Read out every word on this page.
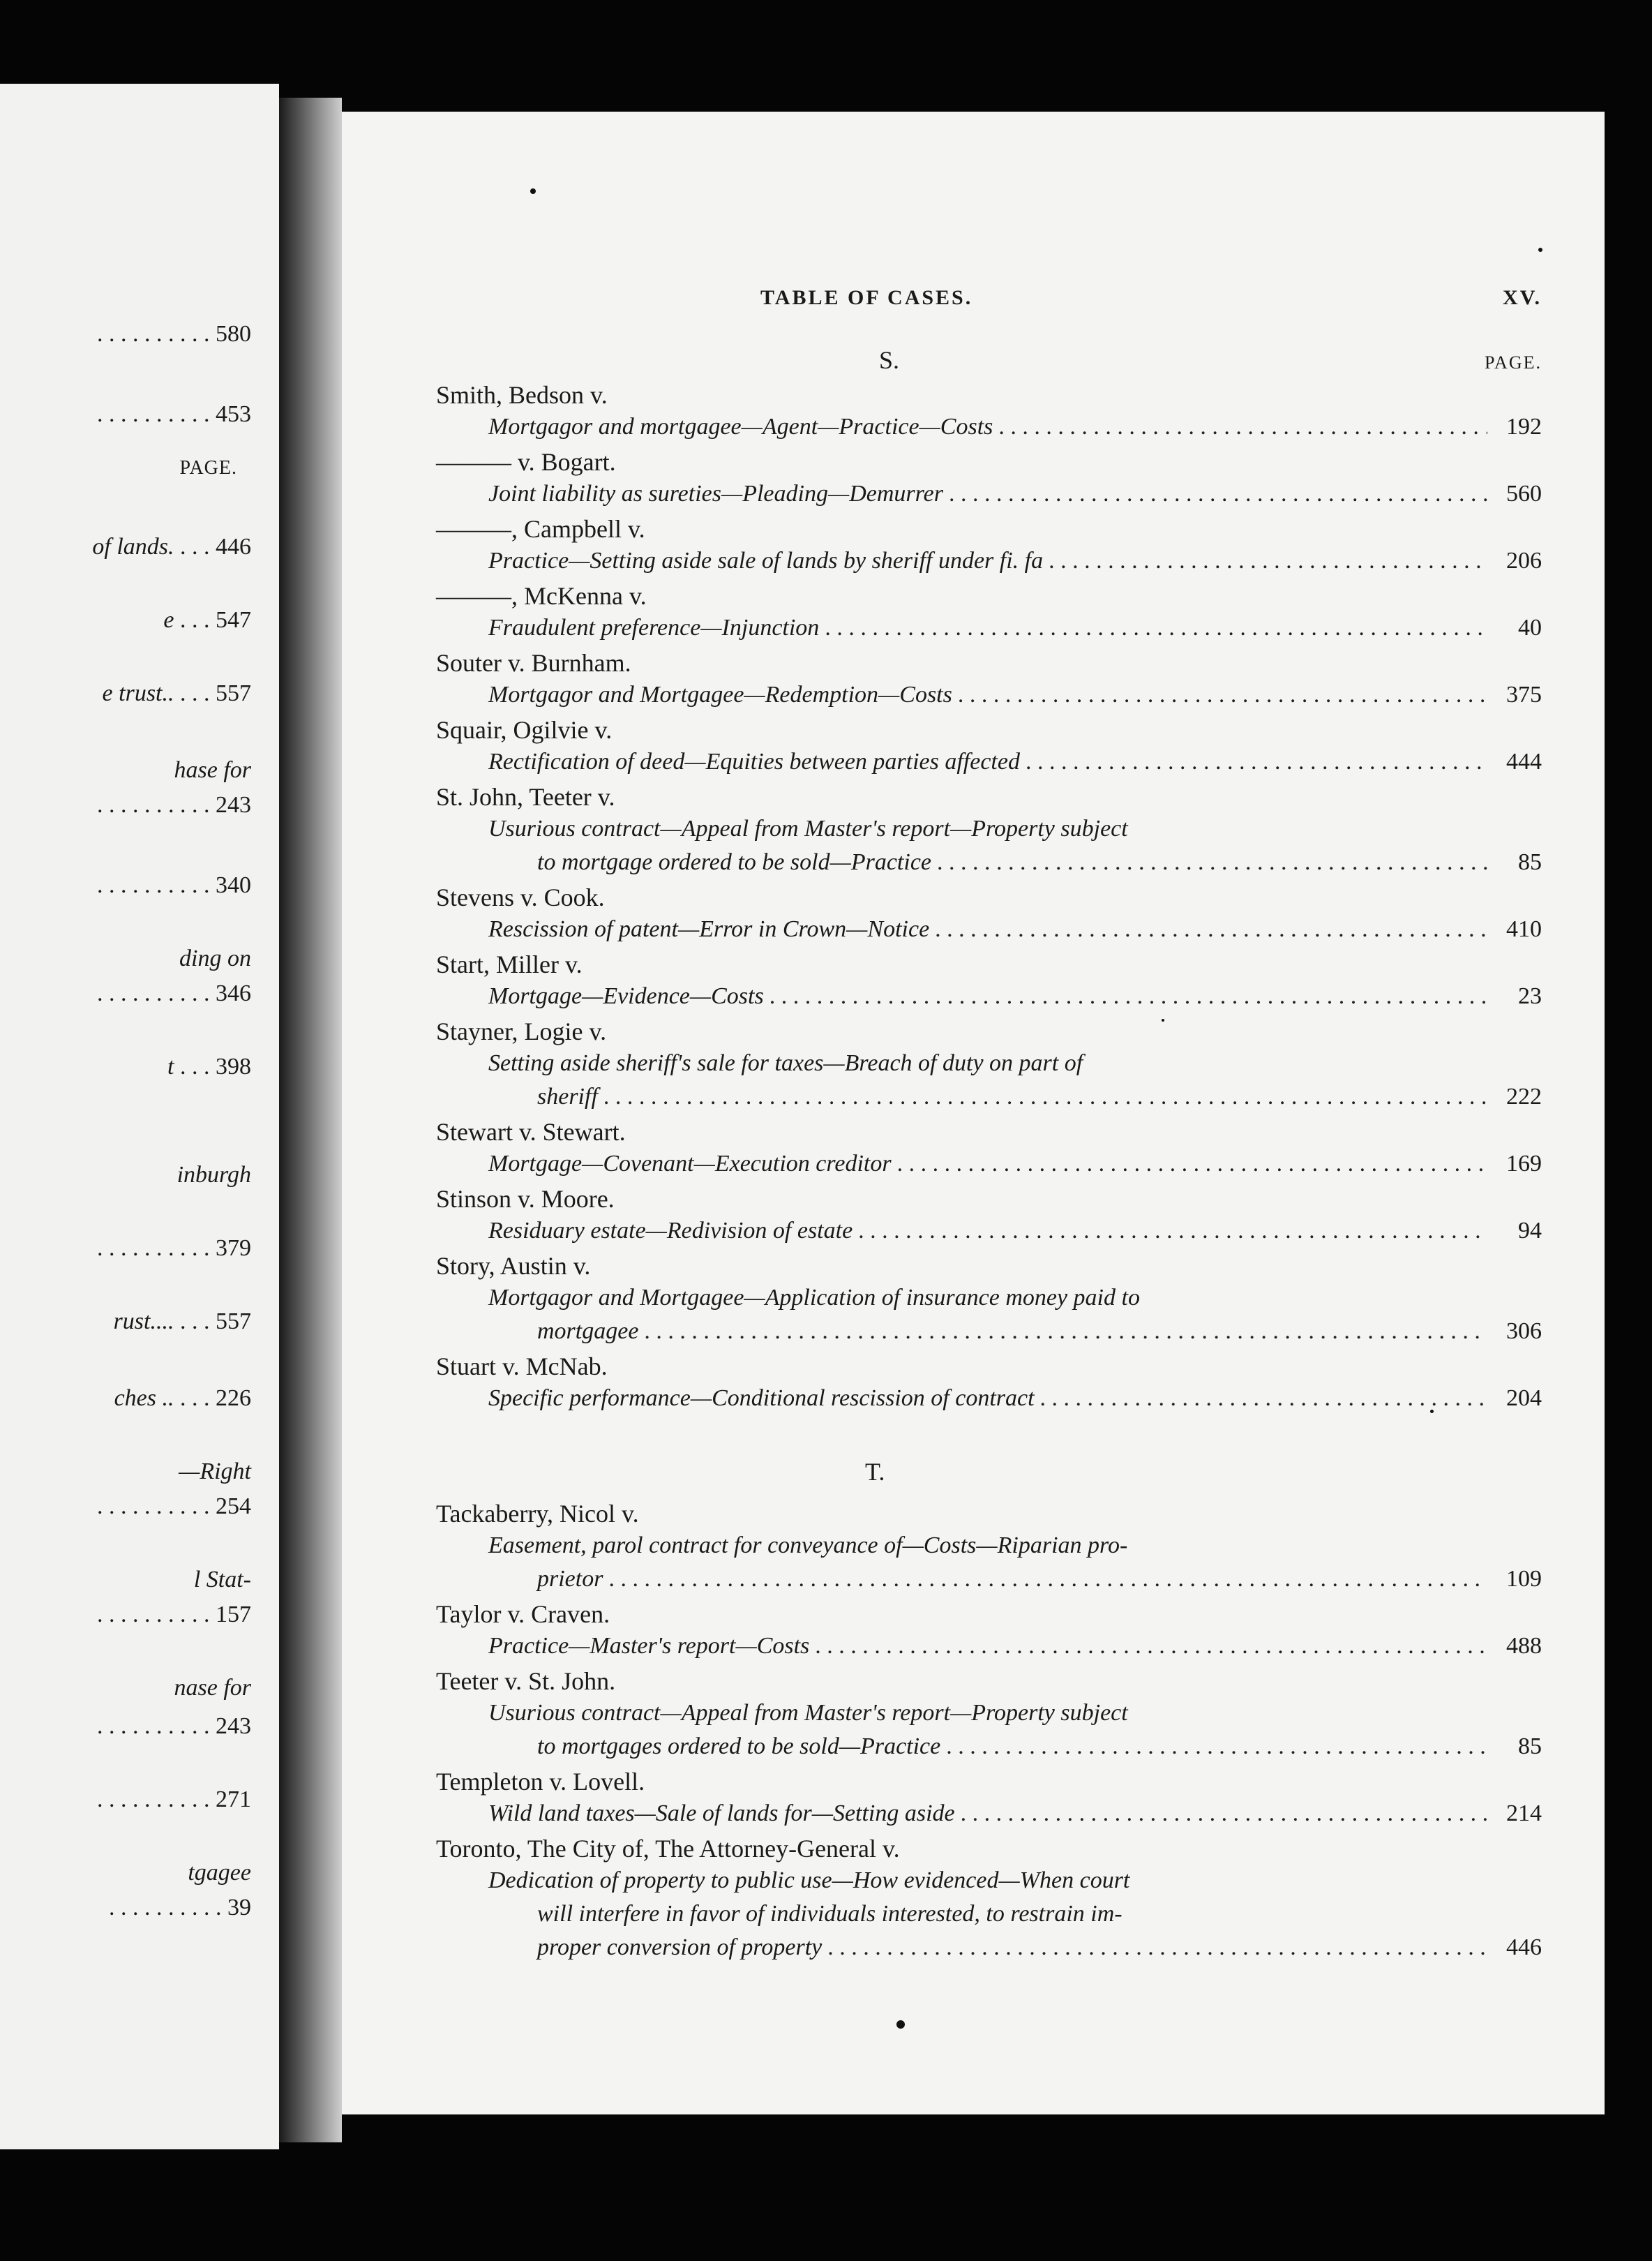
PAGE.
. . . . . . . . . . 580
. . . . . . . . . . 453
of lands. . . . 446
e . . . 547
e trust.. . . . 557
hase for
. . . . . . . . . . 243
. . . . . . . . . . 340
ding on
. . . . . . . . . . 346
t . . . 398
inburgh
. . . . . . . . . . 379
rust.... . . . 557
ches .. . . . 226
—Right
. . . . . . . . . . 254
l Stat-
. . . . . . . . . . 157
nase for
. . . . . . . . . . 243
. . . . . . . . . . 271
tgagee
. . . . . . . . . . 39
TABLE OF CASES.	XV.
PAGE.
S.
Smith, Bedson v.
Mortgagor and mortgagee—Agent—Practice—Costs . . .	192
——— v. Bogart.
Joint liability as sureties—Pleading—Demurrer . . .	560
———, Campbell v.
Practice—Setting aside sale of lands by sheriff under fi. fa . . .	206
———, McKenna v.
Fraudulent preference—Injunction . . .	40
Souter v. Burnham.
Mortgagor and Mortgagee—Redemption—Costs . . .	375
Squair, Ogilvie v.
Rectification of deed—Equities between parties affected . . .	444
St. John, Teeter v.
Usurious contract—Appeal from Master's report—Property subject
to mortgage ordered to be sold—Practice . . .	85
Stevens v. Cook.
Rescission of patent—Error in Crown—Notice . . .	410
Start, Miller v.
Mortgage—Evidence—Costs . . .	23
Stayner, Logie v.
Setting aside sheriff's sale for taxes—Breach of duty on part of
sheriff . . .	222
Stewart v. Stewart.
Mortgage—Covenant—Execution creditor . . .	169
Stinson v. Moore.
Residuary estate—Redivision of estate . . .	94
Story, Austin v.
Mortgagor and Mortgagee—Application of insurance money paid to
mortgagee . . .	306
Stuart v. McNab.
Specific performance—Conditional rescission of contract . . .	204
T.
Tackaberry, Nicol v.
Easement, parol contract for conveyance of—Costs—Riparian pro-
prietor . . .	109
Taylor v. Craven.
Practice—Master's report—Costs . . .	488
Teeter v. St. John.
Usurious contract—Appeal from Master's report—Property subject
to mortgages ordered to be sold—Practice . . .	85
Templeton v. Lovell.
Wild land taxes—Sale of lands for—Setting aside . . .	214
Toronto, The City of, The Attorney-General v.
Dedication of property to public use—How evidenced—When court
will interfere in favor of individuals interested, to restrain im-
proper conversion of property . . .	446
